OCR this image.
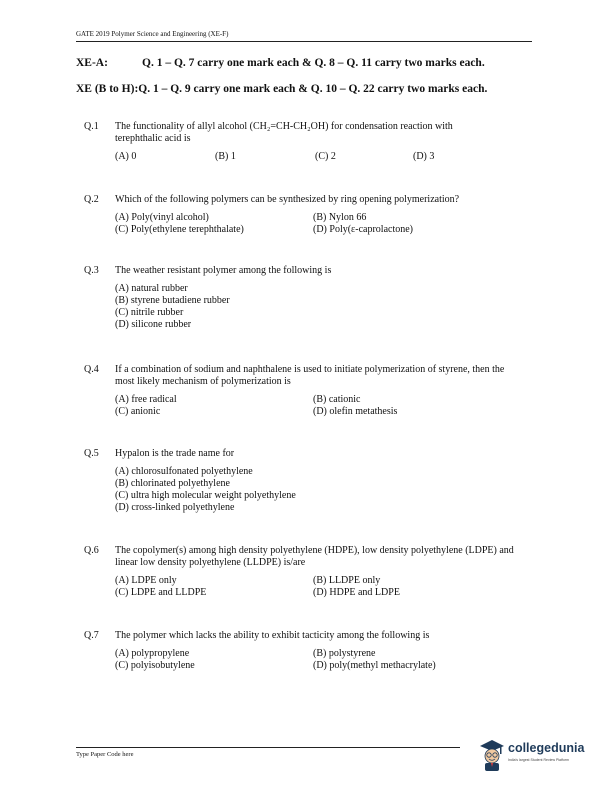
GATE 2019 Polymer Science and Engineering (XE-F)
XE-A:	Q. 1 – Q. 7 carry one mark each & Q. 8 – Q. 11 carry two marks each.
XE (B to H):Q. 1 – Q. 9 carry one mark each & Q. 10 – Q. 22 carry two marks each.
Q.1	The functionality of allyl alcohol (CH₂=CH-CH₂OH) for condensation reaction with terephthalic acid is
(A) 0	(B) 1	(C) 2	(D) 3
Q.2	Which of the following polymers can be synthesized by ring opening polymerization?
(A) Poly(vinyl alcohol)	(B) Nylon 66
(C) Poly(ethylene terephthalate)	(D) Poly(ε-caprolactone)
Q.3	The weather resistant polymer among the following is
(A) natural rubber
(B) styrene butadiene rubber
(C) nitrile rubber
(D) silicone rubber
Q.4	If a combination of sodium and naphthalene is used to initiate polymerization of styrene, then the most likely mechanism of polymerization is
(A) free radical	(B) cationic
(C) anionic	(D) olefin metathesis
Q.5	Hypalon is the trade name for
(A) chlorosulfonated polyethylene
(B) chlorinated polyethylene
(C) ultra high molecular weight polyethylene
(D) cross-linked polyethylene
Q.6	The copolymer(s) among high density polyethylene (HDPE), low density polyethylene (LDPE) and linear low density polyethylene (LLDPE) is/are
(A) LDPE only	(B) LLDPE only
(C) LDPE and LLDPE	(D) HDPE and LDPE
Q.7	The polymer which lacks the ability to exhibit tacticity among the following is
(A) polypropylene	(B) polystyrene
(C) polyisobutylene	(D) poly(methyl methacrylate)
Type Paper Code here	collegedunia
India's largest Student Review Platform
